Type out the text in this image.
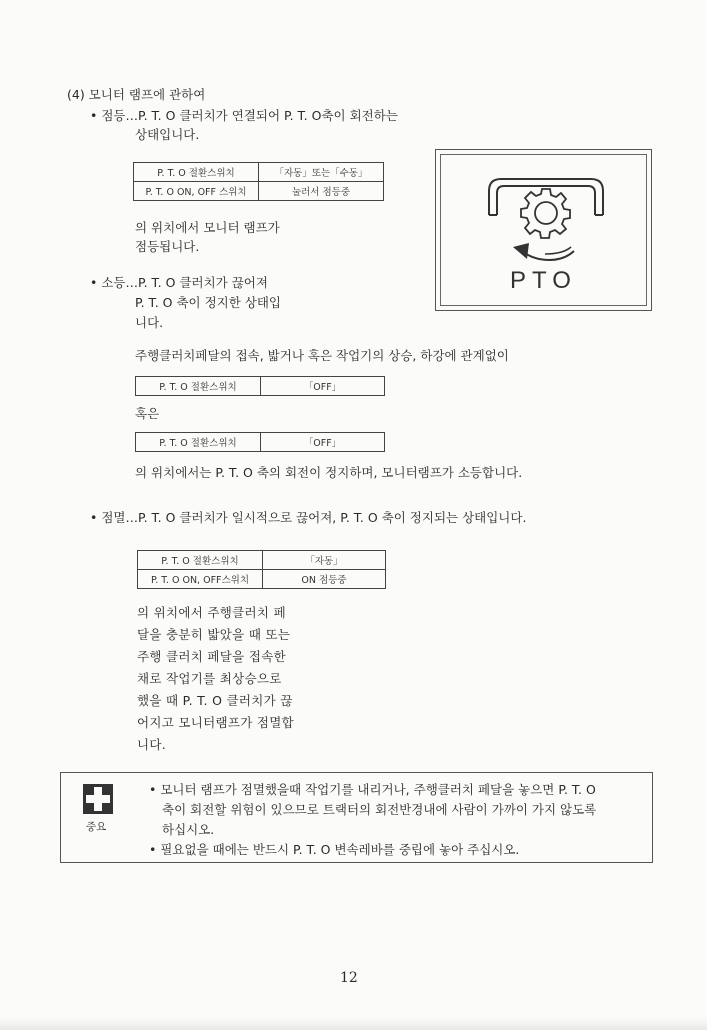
(4) 모니터 램프에 관하여
• 점등…P. T. O 클러치가 연결되어 P. T. O축이 회전하는
상태입니다.
P. T. O 절환스위치	「자동」또는「수동」
P. T. O ON, OFF 스위치	눌러서 점등중
의 위치에서 모니터 램프가
점등됩니다.
PTO
• 소등…P. T. O 클러치가 끊어져
P. T. O 축이 정지한 상태입
니다.
주행클러치페달의 접속, 밟거나 혹은 작업기의 상승, 하강에 관계없이
P. T. O 절환스위치	「OFF」
혹은
P. T. O 절환스위치	「OFF」
의 위치에서는 P. T. O 축의 회전이 정지하며, 모니터램프가 소등합니다.
• 점멸…P. T. O 클러치가 일시적으로 끊어져, P. T. O 축이 정지되는 상태입니다.
P. T. O 절환스위치	「자동」
P. T. O ON, OFF스위치	ON 점등중
의 위치에서 주행클러치 페
달을 충분히 밟았을 때 또는
주행 클러치 페달을 접속한
채로 작업기를 최상승으로
했을 때 P. T. O 클러치가 끊
어지고 모니터램프가 점멸합
니다.
중요
• 모니터 램프가 점멸했을때 작업기를 내리거나, 주행클러치 페달을 놓으면 P. T. O
축이 회전할 위험이 있으므로 트랙터의 회전반경내에 사람이 가까이 가지 않도록
하십시오.
• 필요없을 때에는 반드시 P. T. O 변속레바를 중립에 놓아 주십시오.
12
